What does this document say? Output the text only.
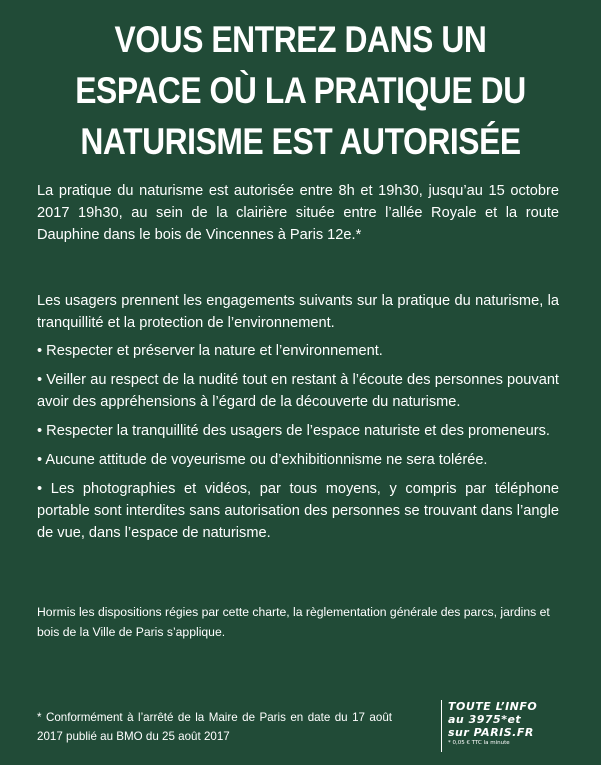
VOUS ENTREZ DANS UN
ESPACE OÙ LA PRATIQUE DU
NATURISME EST AUTORISÉE
La pratique du naturisme est autorisée entre 8h et 19h30, jusqu’au 15 octobre 2017 19h30, au sein de la clairière située entre l’allée Royale et la route Dauphine dans le bois de Vincennes à Paris 12e.*

Les usagers prennent les engagements suivants sur la pratique du naturisme, la tranquillité et la protection de l’environnement.

• Respecter et préserver la nature et l’environnement.
• Veiller au respect de la nudité tout en restant à l’écoute des personnes pouvant avoir des appréhensions à l’égard de la découverte du naturisme.
• Respecter la tranquillité des usagers de l’espace naturiste et des promeneurs.
• Aucune attitude de voyeurisme ou d’exhibitionnisme ne sera tolérée.
• Les photographies et vidéos, par tous moyens, y compris par téléphone portable sont interdites sans autorisation des personnes se trouvant dans l’angle de vue, dans l’espace de naturisme.
Hormis les dispositions régies par cette charte, la règlementation générale des parcs, jardins et bois de la Ville de Paris s’applique.
* Conformément à l’arrêté de la Maire de Paris en date du 17 août 2017 publié au BMO du 25 août 2017
TOUTE L’INFO
au 3975*et
sur PARIS.FR
* 0,05 € TTC la minute
